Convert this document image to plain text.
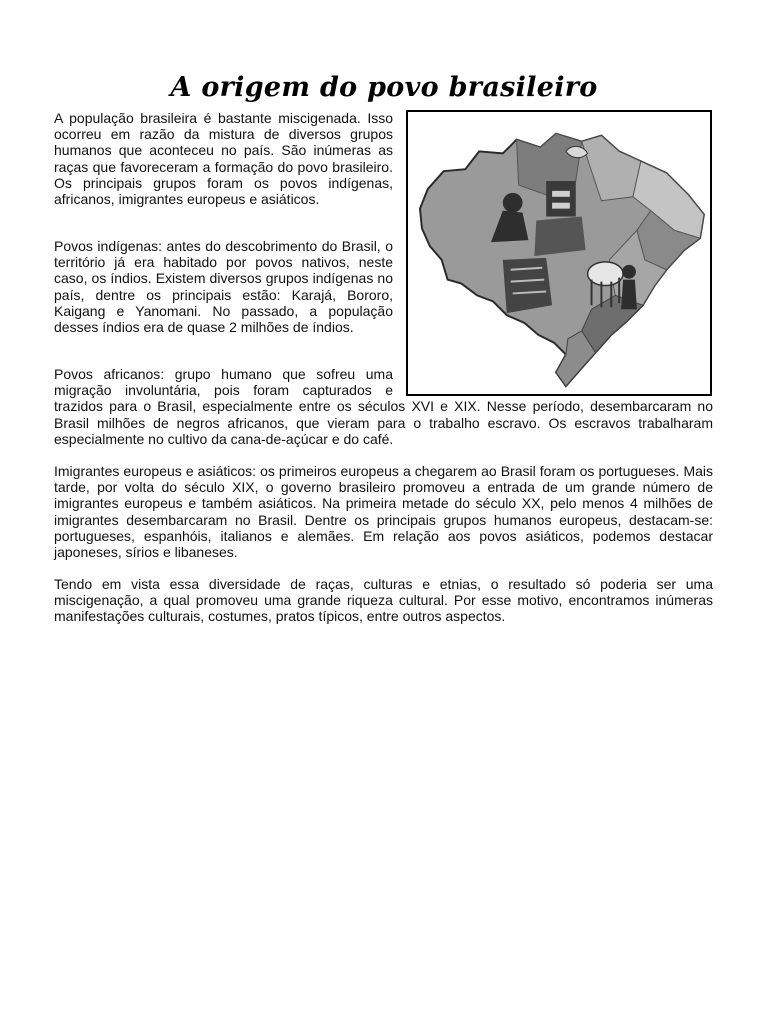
A origem do povo brasileiro

A população brasileira é bastante miscigenada. Isso ocorreu em razão da mistura de diversos grupos humanos que aconteceu no país. São inúmeras as raças que favoreceram a formação do povo brasileiro. Os principais grupos foram os povos indígenas, africanos, imigrantes europeus e asiáticos.

Povos indígenas: antes do descobrimento do Brasil, o território já era habitado por povos nativos, neste caso, os índios. Existem diversos grupos indígenas no país, dentre os principais estão: Karajá, Bororo, Kaigang e Yanomani. No passado, a população desses índios era de quase 2 milhões de índios.

Povos africanos: grupo humano que sofreu uma
migração involuntária, pois foram capturados e
trazidos para o Brasil, especialmente entre os séculos XVI e XIX. Nesse período, desembarcaram no Brasil milhões de negros africanos, que vieram para o trabalho escravo. Os escravos trabalharam especialmente no cultivo da cana-de-açúcar e do café.

Imigrantes europeus e asiáticos: os primeiros europeus a chegarem ao Brasil foram os portugueses. Mais tarde, por volta do século XIX, o governo brasileiro promoveu a entrada de um grande número de imigrantes europeus e também asiáticos. Na primeira metade do século XX, pelo menos 4 milhões de imigrantes desembarcaram no Brasil. Dentre os principais grupos humanos europeus, destacam-se: portugueses, espanhóis, italianos e alemães. Em relação aos povos asiáticos, podemos destacar japoneses, sírios e libaneses.

Tendo em vista essa diversidade de raças, culturas e etnias, o resultado só poderia ser uma miscigenação, a qual promoveu uma grande riqueza cultural. Por esse motivo, encontramos inúmeras manifestações culturais, costumes, pratos típicos, entre outros aspectos.
